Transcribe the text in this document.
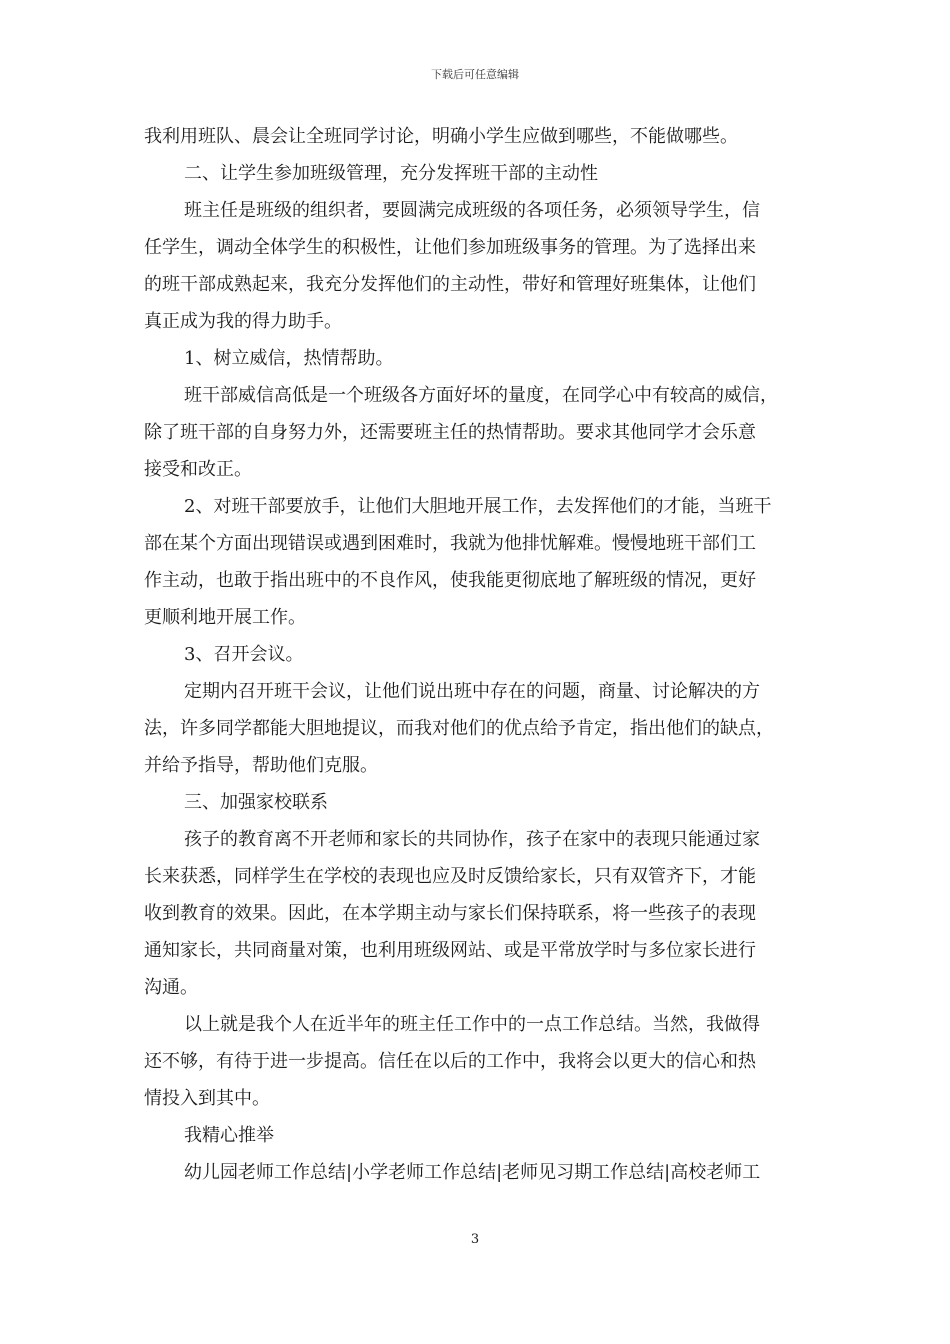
下载后可任意编辑
我利用班队、晨会让全班同学讨论，明确小学生应做到哪些，不能做哪些。
二、让学生参加班级管理，充分发挥班干部的主动性
班主任是班级的组织者，要圆满完成班级的各项任务，必须领导学生，信
任学生，调动全体学生的积极性，让他们参加班级事务的管理。为了选择出来
的班干部成熟起来，我充分发挥他们的主动性，带好和管理好班集体，让他们
真正成为我的得力助手。
1、树立威信，热情帮助。
班干部威信高低是一个班级各方面好坏的量度，在同学心中有较高的威信，
除了班干部的自身努力外，还需要班主任的热情帮助。要求其他同学才会乐意
接受和改正。
2、对班干部要放手，让他们大胆地开展工作，去发挥他们的才能，当班干
部在某个方面出现错误或遇到困难时，我就为他排忧解难。慢慢地班干部们工
作主动，也敢于指出班中的不良作风，使我能更彻底地了解班级的情况，更好
更顺利地开展工作。
3、召开会议。
定期内召开班干会议，让他们说出班中存在的问题，商量、讨论解决的方
法，许多同学都能大胆地提议，而我对他们的优点给予肯定，指出他们的缺点，
并给予指导，帮助他们克服。
三、加强家校联系
孩子的教育离不开老师和家长的共同协作，孩子在家中的表现只能通过家
长来获悉，同样学生在学校的表现也应及时反馈给家长，只有双管齐下，才能
收到教育的效果。因此，在本学期主动与家长们保持联系，将一些孩子的表现
通知家长，共同商量对策，也利用班级网站、或是平常放学时与多位家长进行
沟通。
以上就是我个人在近半年的班主任工作中的一点工作总结。当然，我做得
还不够，有待于进一步提高。信任在以后的工作中，我将会以更大的信心和热
情投入到其中。
我精心推举
幼儿园老师工作总结|小学老师工作总结|老师见习期工作总结|高校老师工
3
